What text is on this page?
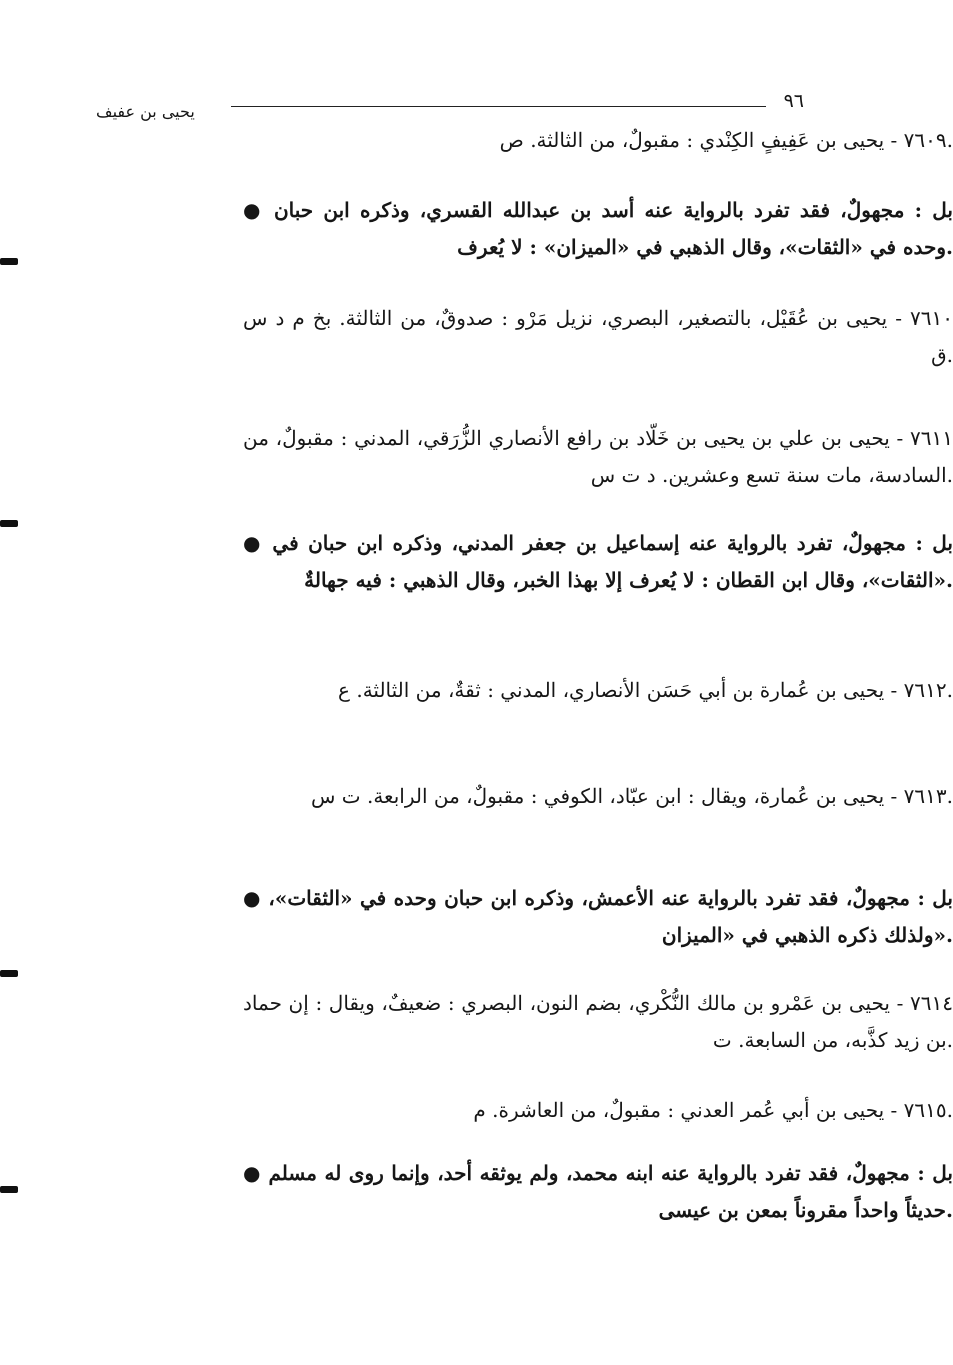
٩٦
يحيى بن عفيف
٧٦٠٩ - يحيى بن عَفِيفٍ الكِنْدي : مقبولٌ، من الثالثة. ص.
● بل : مجهولٌ، فقد تفرد بالرواية عنه أسد بن عبدالله القسري، وذكره ابن حبان وحده في «الثقات»، وقال الذهبي في «الميزان» : لا يُعرف.
٧٦١٠ - يحيى بن عُقَيْل، بالتصغير، البصري، نزيل مَرْو : صدوقٌ، من الثالثة. بخ م د س ق.
٧٦١١ - يحيى بن علي بن يحيى بن خَلّاد بن رافع الأنصاري الزُّرَقي، المدني : مقبولٌ، من السادسة، مات سنة تسع وعشرين. د ت س.
● بل : مجهولٌ، تفرد بالرواية عنه إسماعيل بن جعفر المدني، وذكره ابن حبان في «الثقات»، وقال ابن القطان : لا يُعرف إلا بهذا الخبر، وقال الذهبي : فيه جهالةٌ.
٧٦١٢ - يحيى بن عُمارة بن أبي حَسَن الأنصاري، المدني : ثقةٌ، من الثالثة. ع.
٧٦١٣ - يحيى بن عُمارة، ويقال : ابن عبّاد، الكوفي : مقبولٌ، من الرابعة. ت س.
● بل : مجهولٌ، فقد تفرد بالرواية عنه الأعمش، وذكره ابن حبان وحده في «الثقات»، ولذلك ذكره الذهبي في «الميزان».
٧٦١٤ - يحيى بن عَمْرو بن مالك النُّكْري، بضم النون، البصري : ضعيفٌ، ويقال : إن حماد بن زيد كذَّبه، من السابعة. ت.
٧٦١٥ - يحيى بن أبي عُمر العدني : مقبولٌ، من العاشرة. م.
● بل : مجهولٌ، فقد تفرد بالرواية عنه ابنه محمد، ولم يوثقه أحد، وإنما روى له مسلم حديثاً واحداً مقروناً بمعن بن عيسى.
